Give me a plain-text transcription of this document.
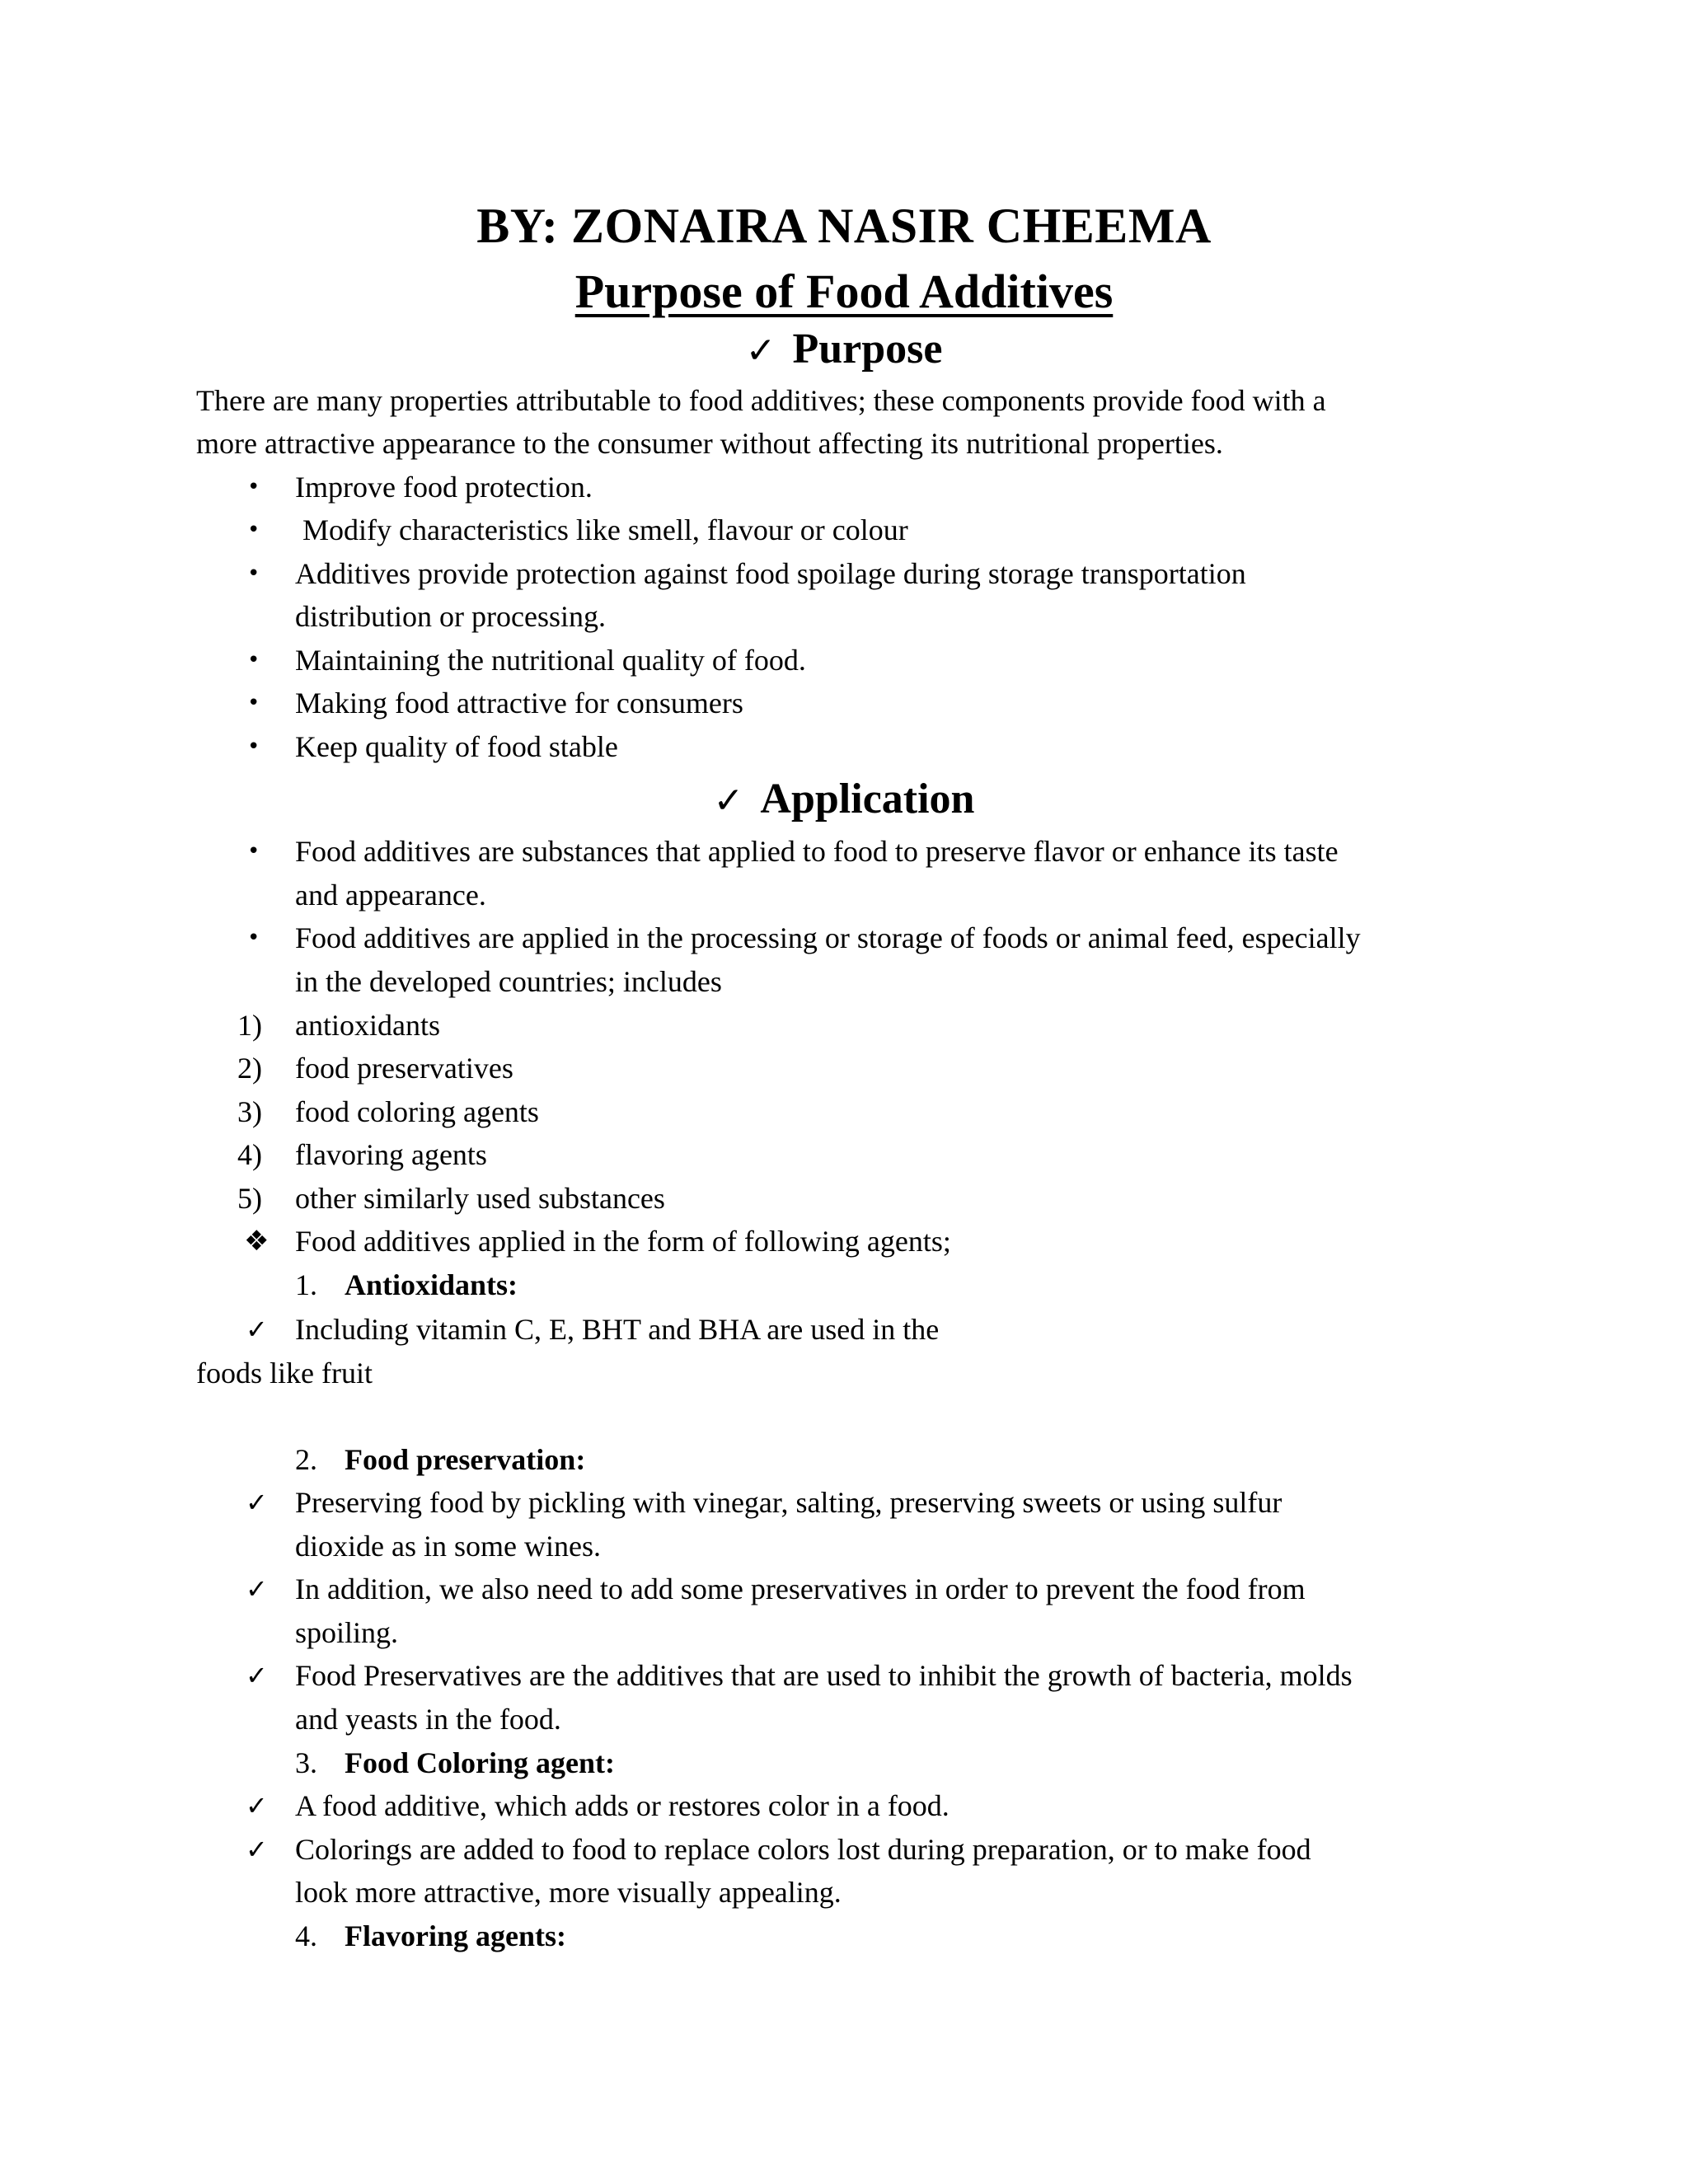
BY: ZONAIRA NASIR CHEEMA
Purpose of Food Additives
✓ Purpose
There are many properties attributable to food additives; these components provide food with a
more attractive appearance to the consumer without affecting its nutritional properties.
•	Improve food protection.
•	Modify characteristics like smell, flavour or colour
•	Additives provide protection against food spoilage during storage transportation
distribution or processing.
•	Maintaining the nutritional quality of food.
•	Making food attractive for consumers
•	Keep quality of food stable
✓ Application
•	Food additives are substances that applied to food to preserve flavor or enhance its taste
and appearance.
•	Food additives are applied in the processing or storage of foods or animal feed, especially
in the developed countries; includes
1)	antioxidants
2)	food preservatives
3)	food coloring agents
4)	flavoring agents
5)	other similarly used substances
❖ Food additives applied in the form of following agents;
1. Antioxidants:
✓ Including vitamin C, E, BHT and BHA are used in the
foods like fruit
2. Food preservation:
✓ Preserving food by pickling with vinegar, salting, preserving sweets or using sulfur
dioxide as in some wines.
✓ In addition, we also need to add some preservatives in order to prevent the food from
spoiling.
✓ Food Preservatives are the additives that are used to inhibit the growth of bacteria, molds
and yeasts in the food.
3. Food Coloring agent:
✓ A food additive, which adds or restores color in a food.
✓ Colorings are added to food to replace colors lost during preparation, or to make food
look more attractive, more visually appealing.
4. Flavoring agents:
